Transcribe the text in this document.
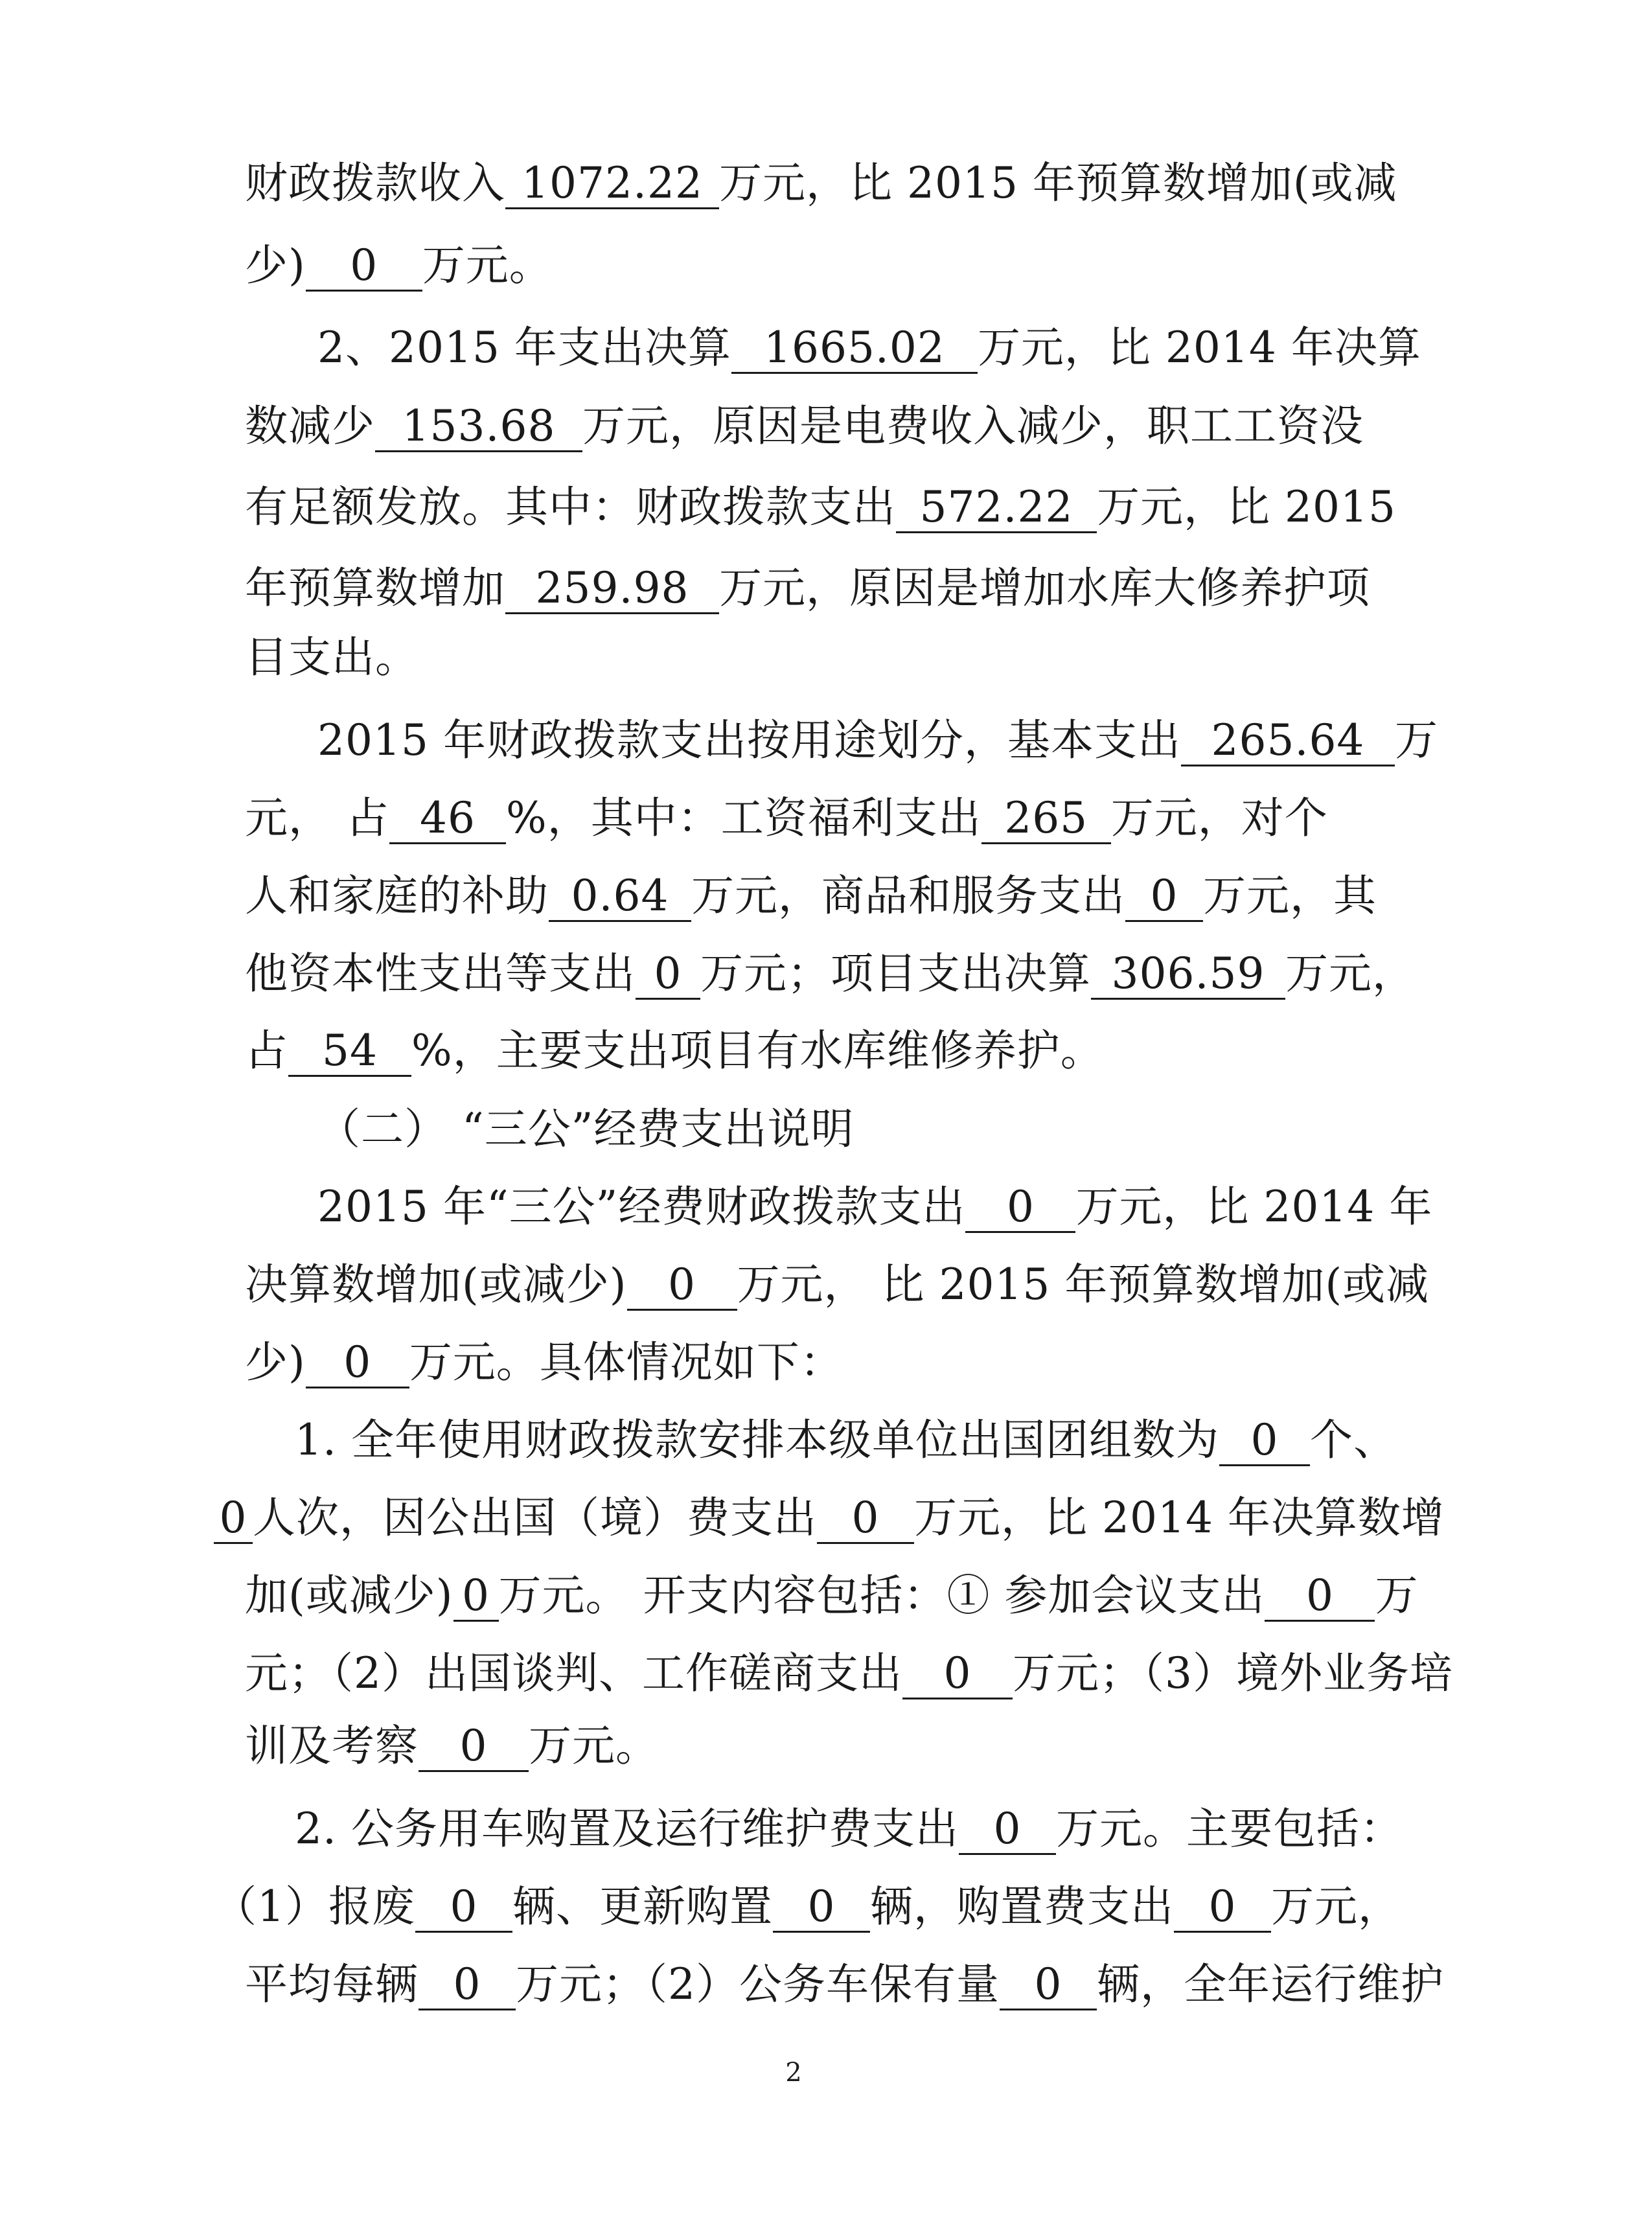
财政拨款收入 1072.22 万元，比 2015 年预算数增加(或减
少) 0 万元。
2、2015 年支出决算 1665.02 万元，比 2014 年决算
数减少 153.68 万元，原因是电费收入减少，职工工资没
有足额发放。其中：财政拨款支出 572.22 万元，比 2015
年预算数增加 259.98 万元，原因是增加水库大修养护项
目支出。
2015 年财政拨款支出按用途划分，基本支出 265.64 万
元， 占 46 %，其中：工资福利支出 265 万元，对个
人和家庭的补助 0.64 万元，商品和服务支出 0 万元，其
他资本性支出等支出 0 万元；项目支出决算 306.59 万元，
占 54 %，主要支出项目有水库维修养护。
（二） “三公”经费支出说明
2015 年“三公”经费财政拨款支出 0 万元，比 2014 年
决算数增加(或减少) 0 万元， 比 2015 年预算数增加(或减
少) 0 万元。具体情况如下：
1. 全年使用财政拨款安排本级单位出国团组数为 0 个、
0 人次，因公出国（境）费支出 0 万元，比 2014 年决算数增
加(或减少) 0 万元。 开支内容包括：① 参加会议支出 0 万
元；（2）出国谈判、工作磋商支出 0 万元；（3）境外业务培
训及考察 0 万元。
2. 公务用车购置及运行维护费支出 0 万元。主要包括：
（1）报废 0 辆、更新购置 0 辆，购置费支出 0 万元，
平均每辆 0 万元；（2）公务车保有量 0 辆，全年运行维护
2
